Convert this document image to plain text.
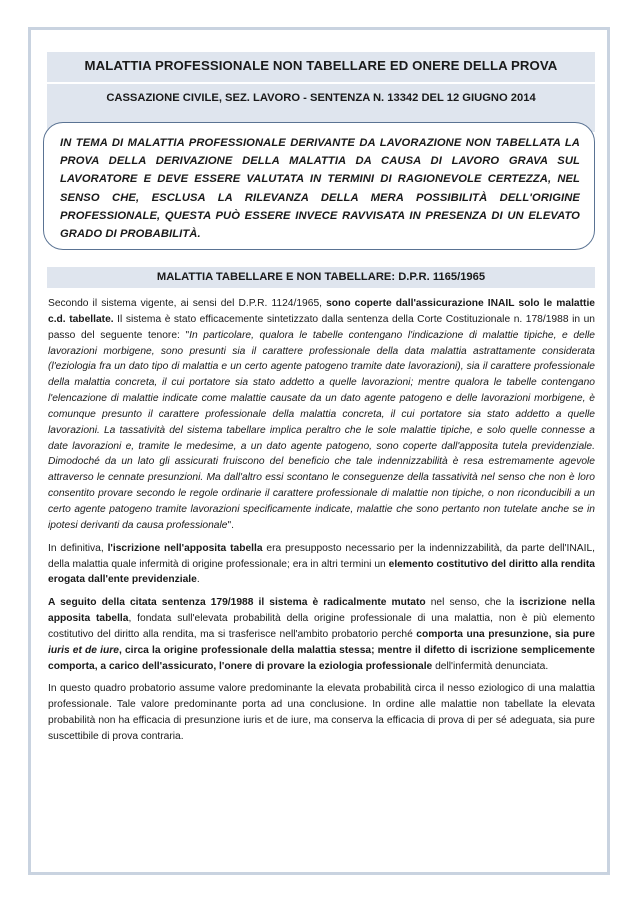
MALATTIA PROFESSIONALE NON TABELLARE ED ONERE DELLA PROVA
CASSAZIONE CIVILE, SEZ. LAVORO - SENTENZA N. 13342 DEL 12 GIUGNO 2014

IN TEMA DI MALATTIA PROFESSIONALE DERIVANTE DA LAVORAZIONE NON TABELLATA LA PROVA DELLA DERIVAZIONE DELLA MALATTIA DA CAUSA DI LAVORO GRAVA SUL LAVORATORE E DEVE ESSERE VALUTATA IN TERMINI DI RAGIONEVOLE CERTEZZA, NEL SENSO CHE, ESCLUSA LA RILEVANZA DELLA MERA POSSIBILITÀ DELL'ORIGINE PROFESSIONALE, QUESTA PUÒ ESSERE INVECE RAVVISATA IN PRESENZA DI UN ELEVATO GRADO DI PROBABILITÀ.

MALATTIA TABELLARE E NON TABELLARE: D.P.R. 1165/1965

Secondo il sistema vigente, ai sensi del D.P.R. 1124/1965, sono coperte dall'assicurazione INAIL solo le malattie c.d. tabellate. Il sistema è stato efficacemente sintetizzato dalla sentenza della Corte Costituzionale n. 178/1988 in un passo del seguente tenore: "In particolare, qualora le tabelle contengano l'indicazione di malattie tipiche, e delle lavorazioni morbigene, sono presunti sia il carattere professionale della data malattia astrattamente considerata (l'eziologia fra un dato tipo di malattia e un certo agente patogeno tramite date lavorazioni), sia il carattere professionale della malattia concreta, il cui portatore sia stato addetto a quelle lavorazioni; mentre qualora le tabelle contengano l'elencazione di malattie indicate come malattie causate da un dato agente patogeno e delle lavorazioni morbigene, è comunque presunto il carattere professionale della malattia concreta, il cui portatore sia stato addetto a quelle lavorazioni. La tassatività del sistema tabellare implica peraltro che le sole malattie tipiche, e solo quelle connesse a date lavorazioni e, tramite le medesime, a un dato agente patogeno, sono coperte dall'apposita tutela previdenziale. Dimodoché da un lato gli assicurati fruiscono del beneficio che tale indennizzabilità è resa estremamente agevole attraverso le cennate presunzioni. Ma dall'altro essi scontano le conseguenze della tassatività nel senso che non è loro consentito provare secondo le regole ordinarie il carattere professionale di malattie non tipiche, o non riconducibili a un certo agente patogeno tramite lavorazioni specificamente indicate, malattie che sono pertanto non tutelate anche se in ipotesi derivanti da causa professionale".

In definitiva, l'iscrizione nell'apposita tabella era presupposto necessario per la indennizzabilità, da parte dell'INAIL, della malattia quale infermità di origine professionale; era in altri termini un elemento costitutivo del diritto alla rendita erogata dall'ente previdenziale.

A seguito della citata sentenza 179/1988 il sistema è radicalmente mutato nel senso, che la iscrizione nella apposita tabella, fondata sull'elevata probabilità della origine professionale di una malattia, non è più elemento costitutivo del diritto alla rendita, ma si trasferisce nell'ambito probatorio perché comporta una presunzione, sia pure iuris et de iure, circa la origine professionale della malattia stessa; mentre il difetto di iscrizione semplicemente comporta, a carico dell'assicurato, l'onere di provare la eziologia professionale dell'infermità denunciata.

In questo quadro probatorio assume valore predominante la elevata probabilità circa il nesso eziologico di una malattia professionale. Tale valore predominante porta ad una conclusione. In ordine alle malattie non tabellate la elevata probabilità non ha efficacia di presunzione iuris et de iure, ma conserva la efficacia di prova di per sé adeguata, sia pure suscettibile di prova contraria.
